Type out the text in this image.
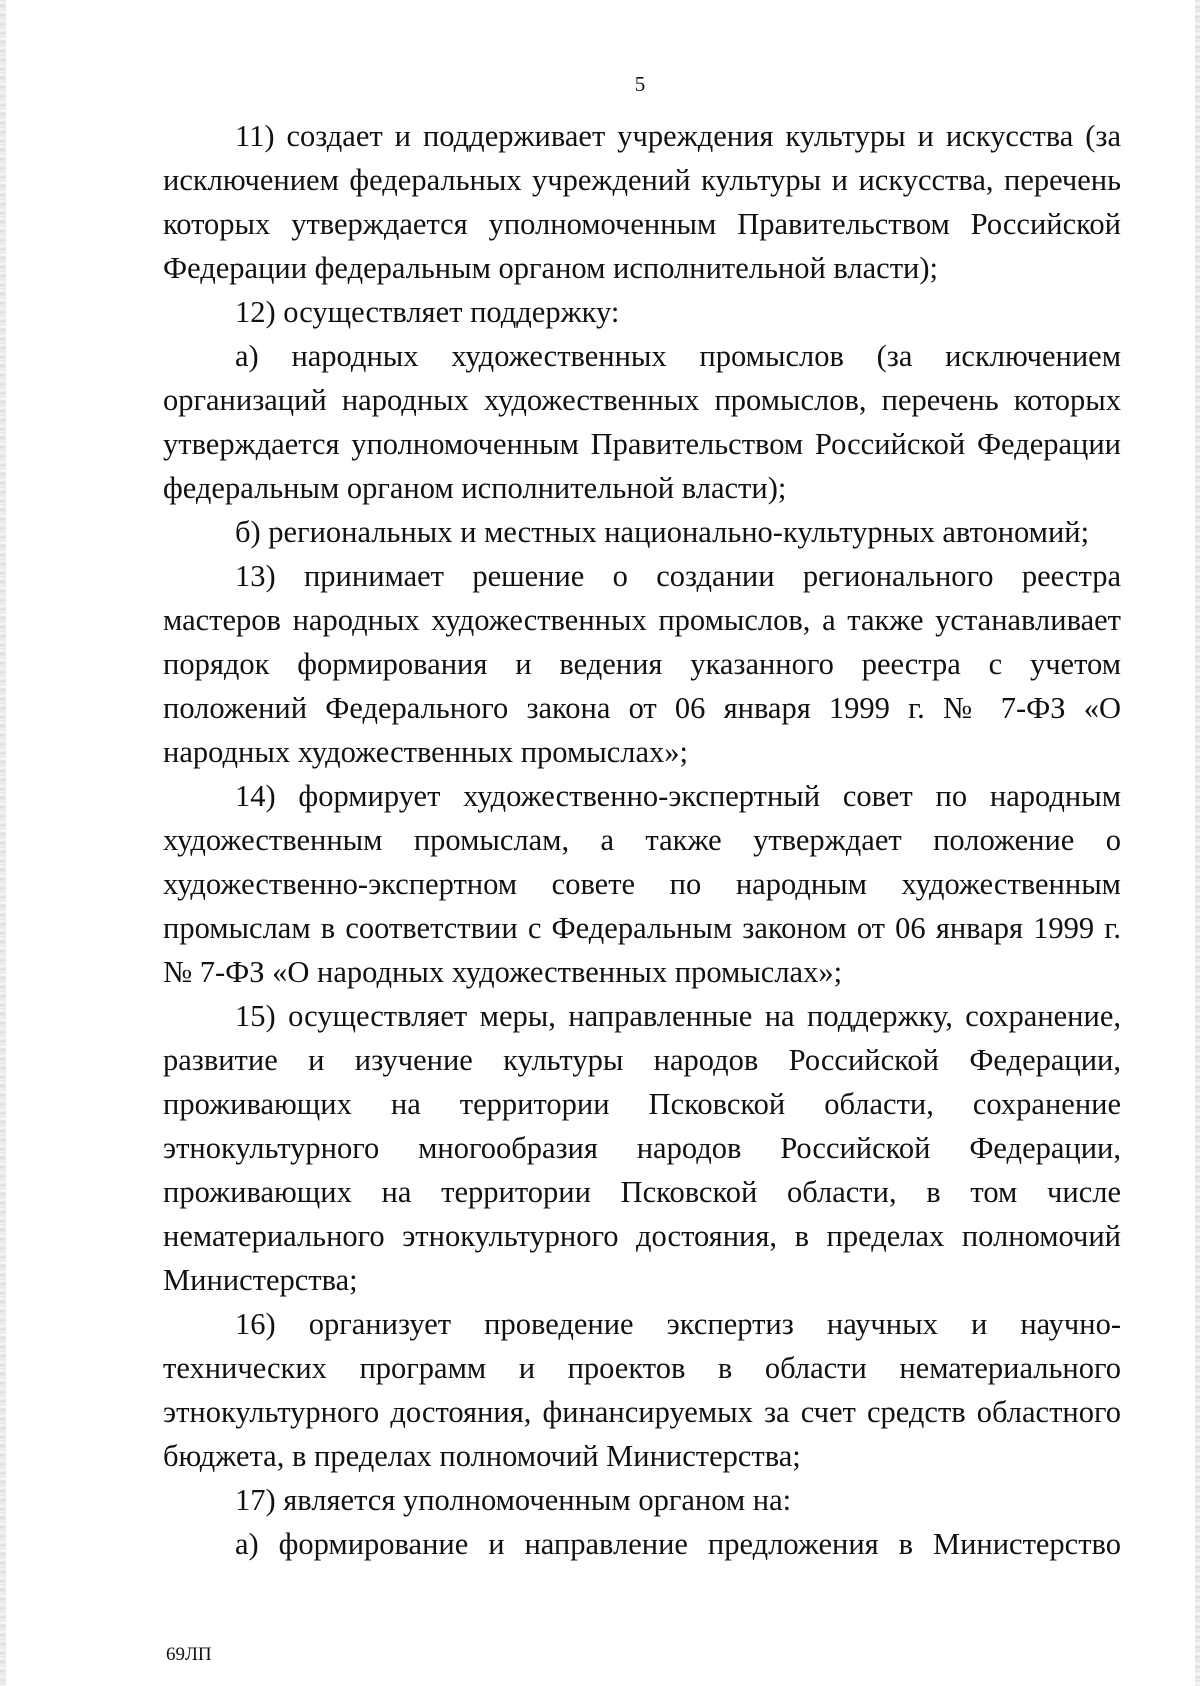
5

11) создает и поддерживает учреждения культуры и искусства (за исключением федеральных учреждений культуры и искусства, перечень которых утверждается уполномоченным Правительством Российской Федерации федеральным органом исполнительной власти);

12) осуществляет поддержку:

а) народных художественных промыслов (за исключением организаций народных художественных промыслов, перечень которых утверждается уполномоченным Правительством Российской Федерации федеральным органом исполнительной власти);

б) региональных и местных национально-культурных автономий;

13) принимает решение о создании регионального реестра мастеров народных художественных промыслов, а также устанавливает порядок формирования и ведения указанного реестра с учетом положений Федерального закона от 06 января 1999 г. № 7-ФЗ «О народных художественных промыслах»;

14) формирует художественно-экспертный совет по народным художественным промыслам, а также утверждает положение о художественно-экспертном совете по народным художественным промыслам в соответствии с Федеральным законом от 06 января 1999 г. № 7-ФЗ «О народных художественных промыслах»;

15) осуществляет меры, направленные на поддержку, сохранение, развитие и изучение культуры народов Российской Федерации, проживающих на территории Псковской области, сохранение этнокультурного многообразия народов Российской Федерации, проживающих на территории Псковской области, в том числе нематериального этнокультурного достояния, в пределах полномочий Министерства;

16) организует проведение экспертиз научных и научно-технических программ и проектов в области нематериального этнокультурного достояния, финансируемых за счет средств областного бюджета, в пределах полномочий Министерства;

17) является уполномоченным органом на:

а) формирование и направление предложения в Министерство

69ЛП
